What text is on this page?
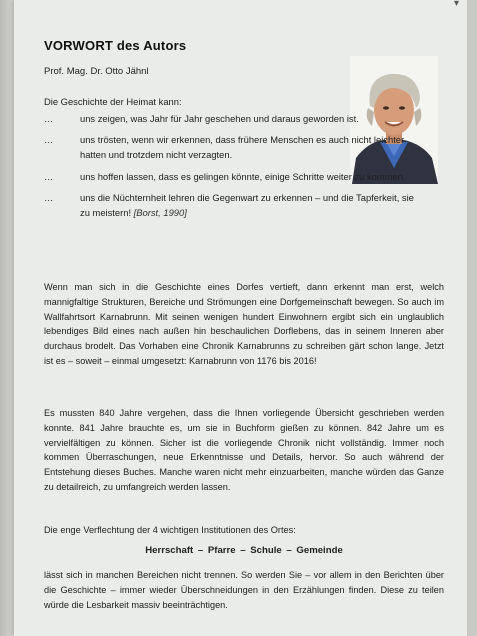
▾
VORWORT des Autors
Prof. Mag. Dr. Otto Jähnl
Die Geschichte der Heimat kann:
…	uns zeigen, was Jahr für Jahr geschehen und daraus geworden ist.
…	uns trösten, wenn wir erkennen, dass frühere Menschen es auch nicht leichter hatten und trotzdem nicht verzagten.
…	uns hoffen lassen, dass es gelingen könnte, einige Schritte weiter zu kommen.
…	uns die Nüchternheit lehren die Gegenwart zu erkennen – und die Tapferkeit, sie zu meistern! [Borst, 1990]
Wenn man sich in die Geschichte eines Dorfes vertieft, dann erkennt man erst, welch mannigfaltige Strukturen, Bereiche und Strömungen eine Dorfgemeinschaft bewegen. So auch im Wallfahrtsort Karnabrunn. Mit seinen wenigen hundert Einwohnern ergibt sich ein unglaublich lebendiges Bild eines nach außen hin beschaulichen Dorflebens, das in seinem Inneren aber durchaus brodelt. Das Vorhaben eine Chronik Karnabrunns zu schreiben gärt schon lange. Jetzt ist es – soweit – einmal umgesetzt: Karnabrunn von 1176 bis 2016!
Es mussten 840 Jahre vergehen, dass die Ihnen vorliegende Übersicht geschrieben werden konnte. 841 Jahre brauchte es, um sie in Buchform gießen zu können. 842 Jahre um es vervielfältigen zu können. Sicher ist die vorliegende Chronik nicht vollständig. Immer noch kommen Überraschungen, neue Erkenntnisse und Details, hervor. So auch während der Entstehung dieses Buches. Manche waren nicht mehr einzuarbeiten, manche würden das Ganze zu detailreich, zu umfangreich werden lassen.
Die enge Verflechtung der 4 wichtigen Institutionen des Ortes:
Herrschaft – Pfarre – Schule – Gemeinde
lässt sich in manchen Bereichen nicht trennen. So werden Sie – vor allem in den Berichten über die Geschichte – immer wieder Überschneidungen in den Erzählungen finden. Diese zu teilen würde die Lesbarkeit massiv beeinträchtigen.
